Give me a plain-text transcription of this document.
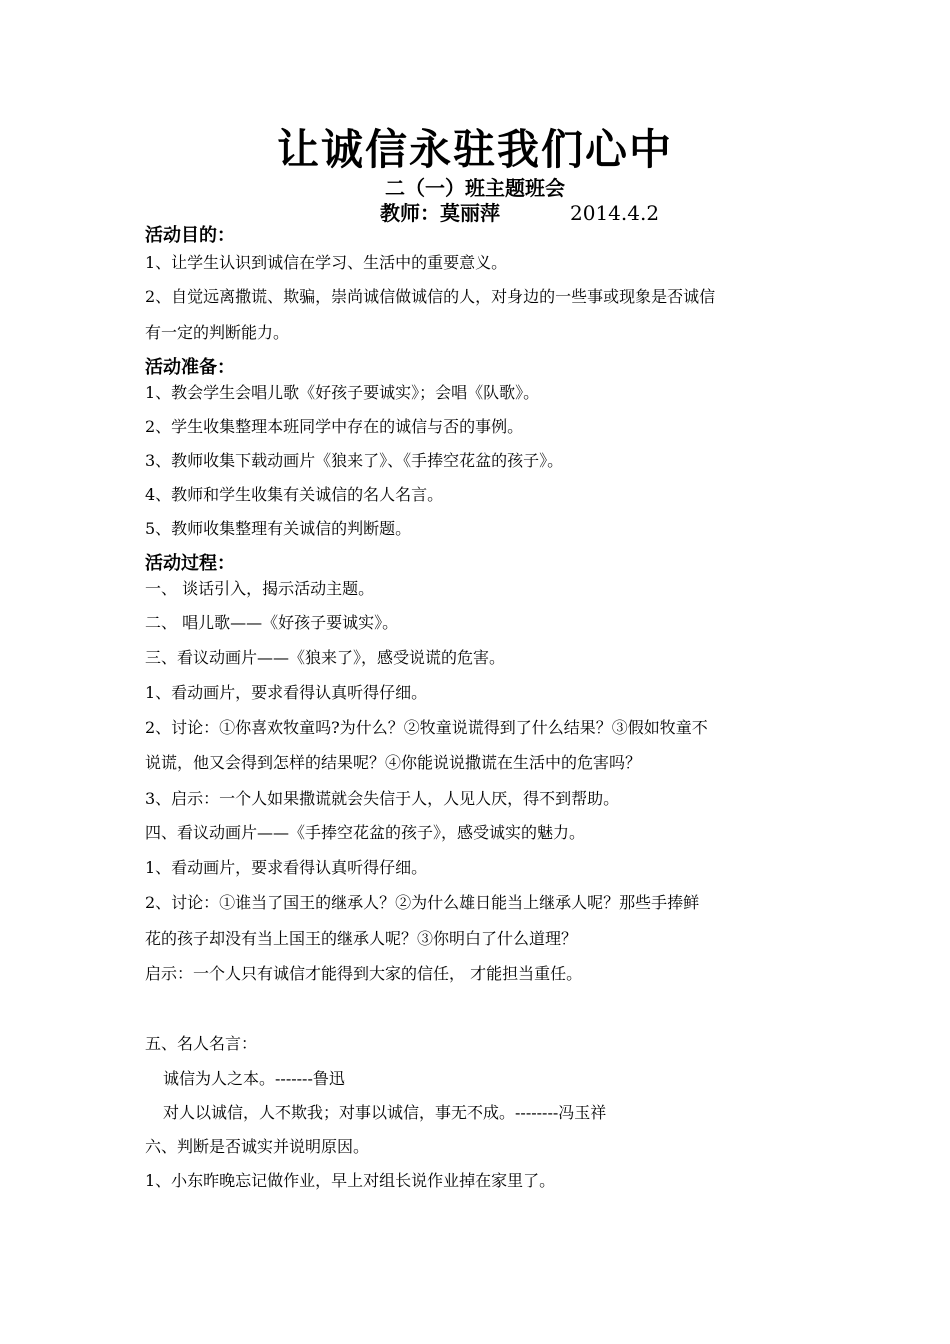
让诚信永驻我们心中
二（一）班主题班会
教师：莫丽萍	2014.4.2
活动目的：
1、让学生认识到诚信在学习、生活中的重要意义。
2、自觉远离撒谎、欺骗，崇尚诚信做诚信的人，对身边的一些事或现象是否诚信
有一定的判断能力。
活动准备：
1、教会学生会唱儿歌《好孩子要诚实》；会唱《队歌》。
2、学生收集整理本班同学中存在的诚信与否的事例。
3、教师收集下载动画片《狼来了》、《手捧空花盆的孩子》。
4、教师和学生收集有关诚信的名人名言。
5、教师收集整理有关诚信的判断题。
活动过程：
一、 谈话引入，揭示活动主题。
二、 唱儿歌——《好孩子要诚实》。
三、看议动画片——《狼来了》，感受说谎的危害。
1、看动画片，要求看得认真听得仔细。
2、讨论：①你喜欢牧童吗?为什么？②牧童说谎得到了什么结果？③假如牧童不
说谎，他又会得到怎样的结果呢？④你能说说撒谎在生活中的危害吗？
3、启示：一个人如果撒谎就会失信于人，人见人厌，得不到帮助。
四、看议动画片——《手捧空花盆的孩子》，感受诚实的魅力。
1、看动画片，要求看得认真听得仔细。
2、讨论：①谁当了国王的继承人？②为什么雄日能当上继承人呢？那些手捧鲜
花的孩子却没有当上国王的继承人呢？③你明白了什么道理？
启示：一个人只有诚信才能得到大家的信任， 才能担当重任。
五、名人名言：
诚信为人之本。-------鲁迅
对人以诚信，人不欺我；对事以诚信，事无不成。--------冯玉祥
六、判断是否诚实并说明原因。
1、小东昨晚忘记做作业，早上对组长说作业掉在家里了。
